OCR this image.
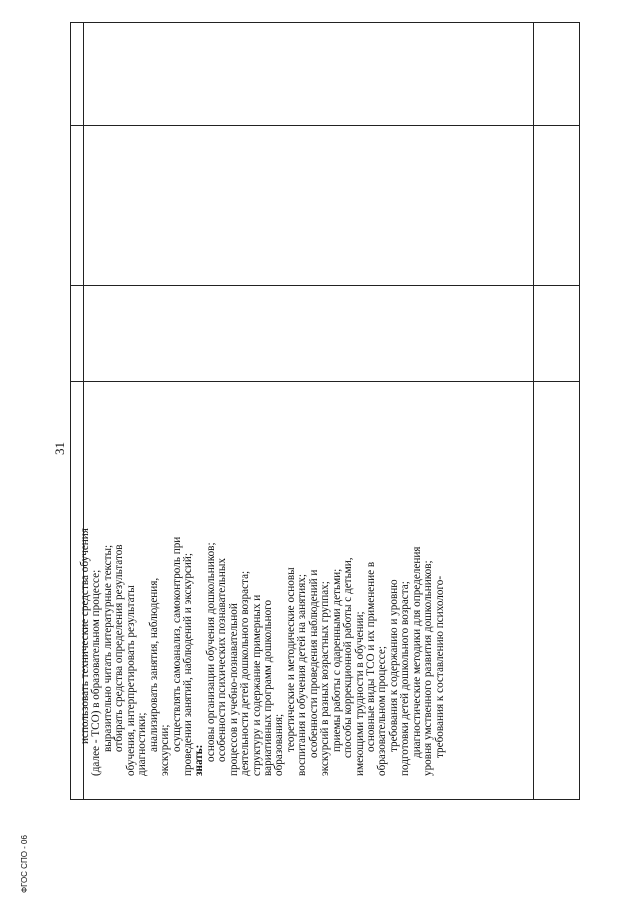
использовать технические средства обучения (далее - ТСО) в образовательном процессе; выразительно читать литературные тексты; отбирать средства определения результатов обучения, интерпретировать результаты диагностики; анализировать занятия, наблюдения, экскурсии; осуществлять самоанализ, самоконтроль при проведении занятий, наблюдений и экскурсий; знать: основы организации обучения дошкольников; особенности психических познавательных процессов и учебно-познавательной деятельности детей дошкольного возраста; структуру и содержание примерных и вариативных программ дошкольного образования; теоретические и методические основы воспитания и обучения детей на занятиях; особенности проведения наблюдений и экскурсий в разных возрастных группах; приемы работы с одаренными детьми; способы коррекционной работы с детьми, имеющими трудности в обучении; основные виды ТСО и их применение в образовательном процессе; требования к содержанию и уровню подготовки детей дошкольного возраста; диагностические методики для определения уровня умственного развития дошкольников; требования к составлению психолого-
31
ФГОС СПО - 06
